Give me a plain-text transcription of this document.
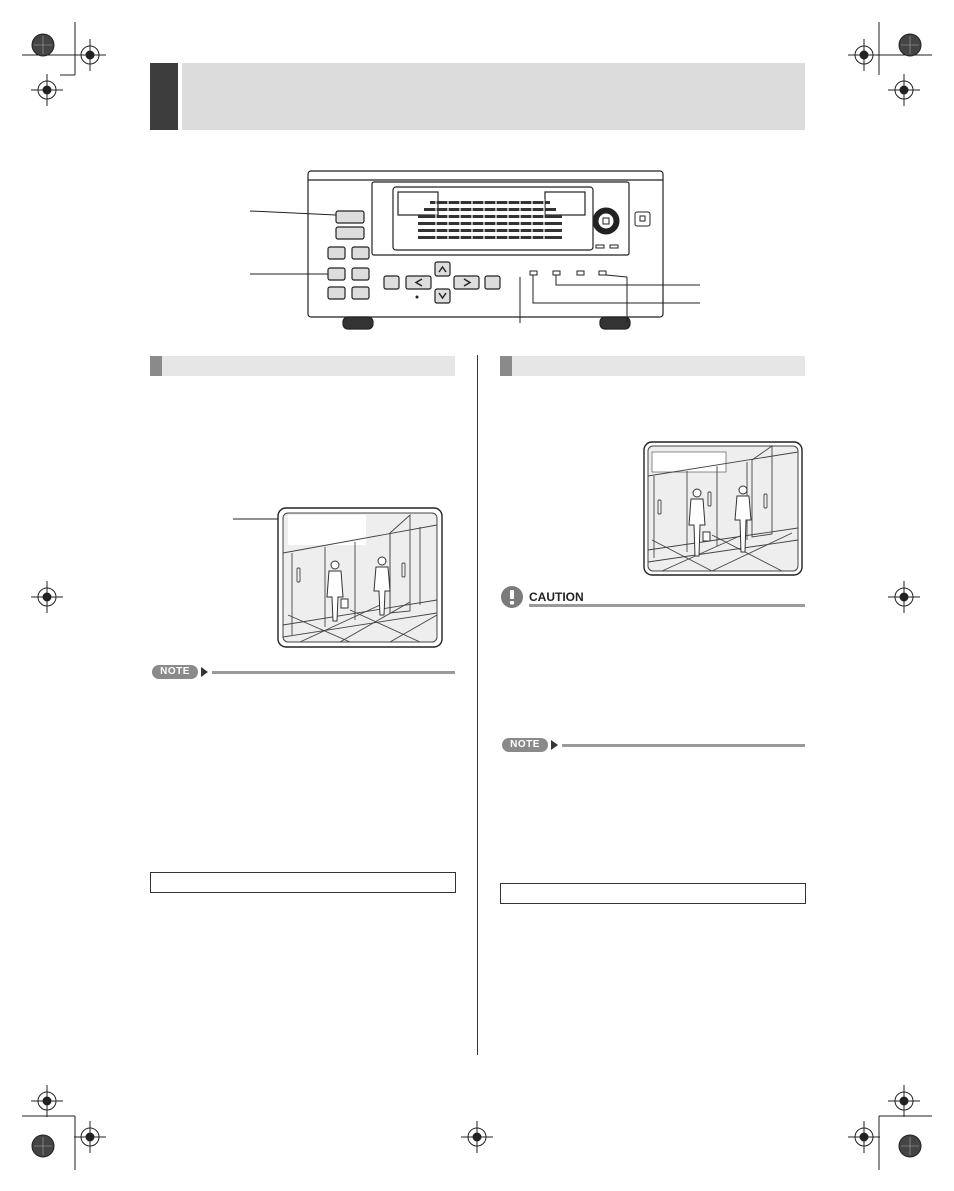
NOTE
CAUTION
NOTE
